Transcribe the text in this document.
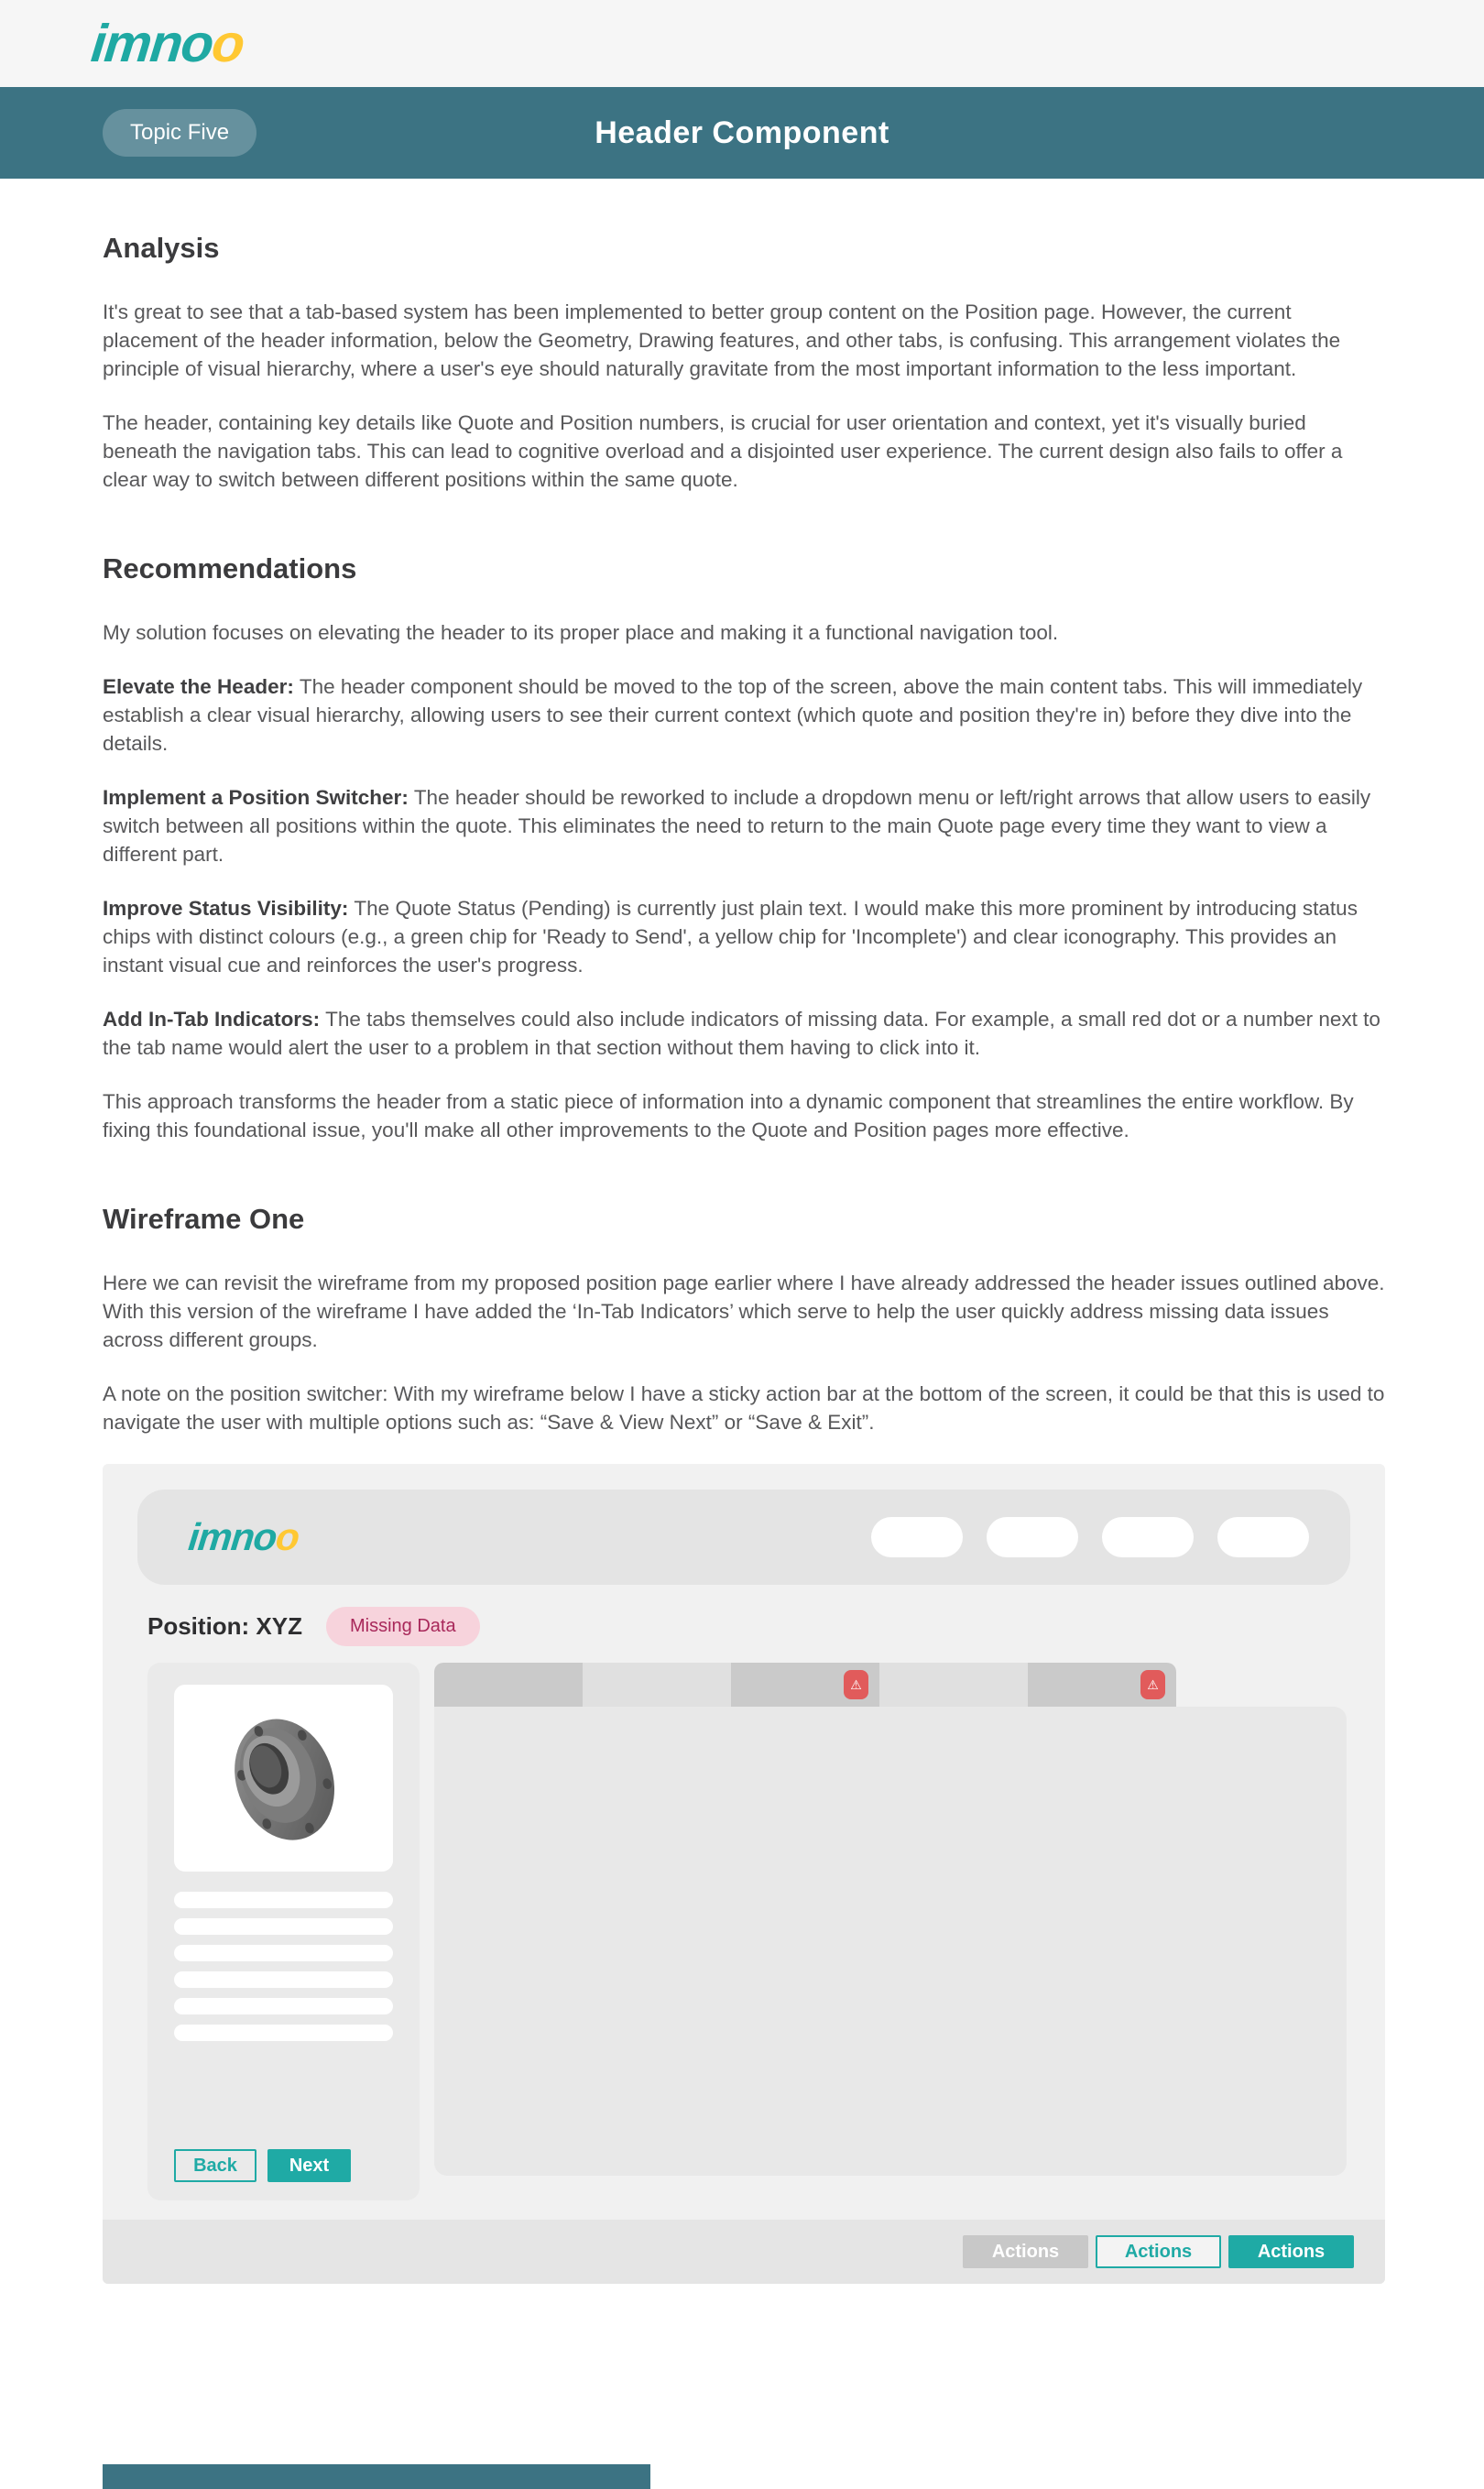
imnoo
Topic Five	Header Component
Analysis

It's great to see that a tab-based system has been implemented to better group content on the Position page. However, the current placement of the header information, below the Geometry, Drawing features, and other tabs, is confusing. This arrangement violates the principle of visual hierarchy, where a user's eye should naturally gravitate from the most important information to the less important.

The header, containing key details like Quote and Position numbers, is crucial for user orientation and context, yet it's visually buried beneath the navigation tabs. This can lead to cognitive overload and a disjointed user experience. The current design also fails to offer a clear way to switch between different positions within the same quote.

Recommendations

My solution focuses on elevating the header to its proper place and making it a functional navigation tool.

Elevate the Header: The header component should be moved to the top of the screen, above the main content tabs. This will immediately establish a clear visual hierarchy, allowing users to see their current context (which quote and position they're in) before they dive into the details.

Implement a Position Switcher: The header should be reworked to include a dropdown menu or left/right arrows that allow users to easily switch between all positions within the quote. This eliminates the need to return to the main Quote page every time they want to view a different part.

Improve Status Visibility: The Quote Status (Pending) is currently just plain text. I would make this more prominent by introducing status chips with distinct colours (e.g., a green chip for 'Ready to Send', a yellow chip for 'Incomplete') and clear iconography. This provides an instant visual cue and reinforces the user's progress.

Add In-Tab Indicators: The tabs themselves could also include indicators of missing data. For example, a small red dot or a number next to the tab name would alert the user to a problem in that section without them having to click into it.

This approach transforms the header from a static piece of information into a dynamic component that streamlines the entire workflow. By fixing this foundational issue, you'll make all other improvements to the Quote and Position pages more effective.

Wireframe One

Here we can revisit the wireframe from my proposed position page earlier where I have already addressed the header issues outlined above. With this version of the wireframe I have added the ‘In-Tab Indicators’ which serve to help the user quickly address missing data issues across different groups.

A note on the position switcher: With my wireframe below I have a sticky action bar at the bottom of the screen, it could be that this is used to navigate the user with multiple options such as: “Save & View Next” or “Save & Exit”.

imnoo
Position: XYZ	Missing Data
Back	Next
⚠	⚠
Actions	Actions	Actions
